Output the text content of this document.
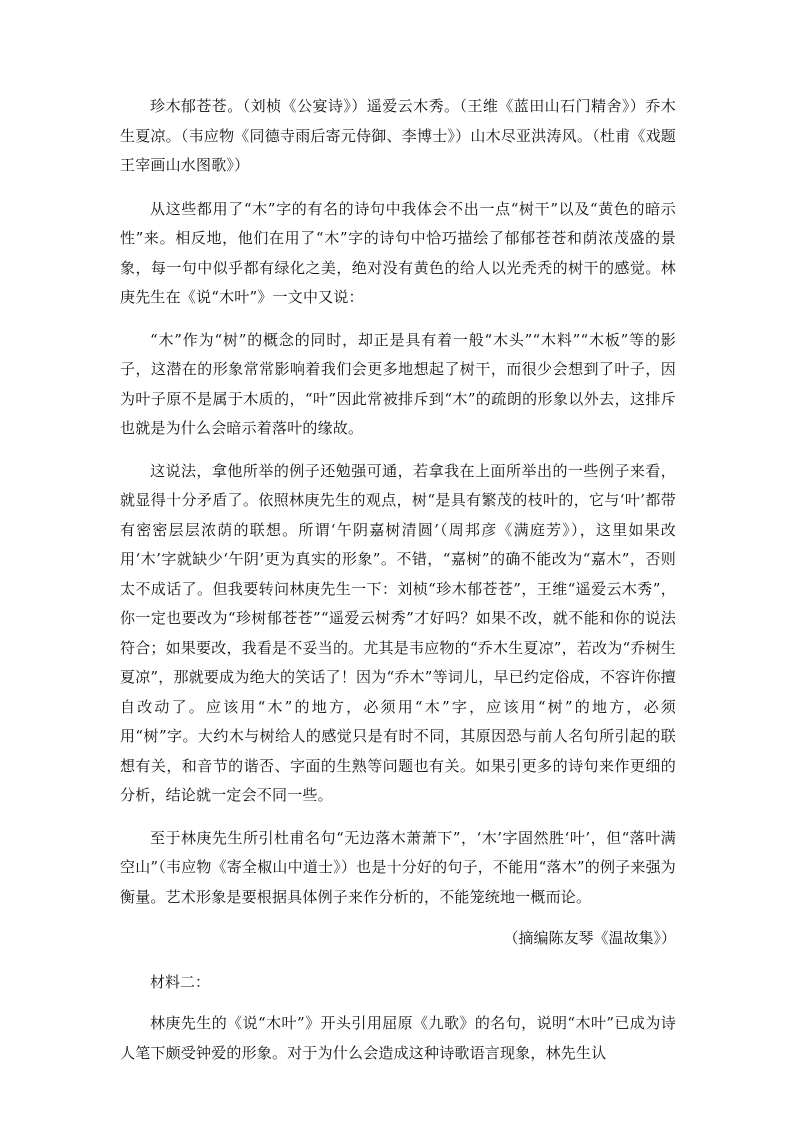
珍木郁苍苍。（刘桢《公宴诗》）遥爱云木秀。（王维《蓝田山石门精舍》）乔木生夏凉。（韦应物《同德寺雨后寄元侍御、李博士》）山木尽亚洪涛风。（杜甫《戏题王宰画山水图歌》）

从这些都用了“木”字的有名的诗句中我体会不出一点“树干”以及“黄色的暗示性”来。相反地，他们在用了“木”字的诗句中恰巧描绘了郁郁苍苍和荫浓茂盛的景象，每一句中似乎都有绿化之美，绝对没有黄色的给人以光秃秃的树干的感觉。林庚先生在《说“木叶”》一文中又说：

“木”作为“树”的概念的同时，却正是具有着一般“木头”“木料”“木板”等的影子，这潜在的形象常常影响着我们会更多地想起了树干，而很少会想到了叶子，因为叶子原不是属于木质的，“叶”因此常被排斥到“木”的疏朗的形象以外去，这排斥也就是为什么会暗示着落叶的缘故。

这说法，拿他所举的例子还勉强可通，若拿我在上面所举出的一些例子来看，就显得十分矛盾了。依照林庚先生的观点，树“是具有繁茂的枝叶的，它与‘叶’都带有密密层层浓荫的联想。所谓‘午阴嘉树清圆’（周邦彦《满庭芳》），这里如果改用‘木’字就缺少‘午阴’更为真实的形象”。不错，“嘉树”的确不能改为“嘉木”，否则太不成话了。但我要转问林庚先生一下：刘桢“珍木郁苍苍”，王维“遥爱云木秀”，你一定也要改为“珍树郁苍苍”“遥爱云树秀”才好吗？如果不改，就不能和你的说法符合；如果要改，我看是不妥当的。尤其是韦应物的“乔木生夏凉”，若改为“乔树生夏凉”，那就要成为绝大的笑话了！因为“乔木”等词儿，早已约定俗成，不容许你擅自改动了。应该用“木”的地方，必须用“木”字，应该用“树”的地方，必须用“树”字。大约木与树给人的感觉只是有时不同，其原因恐与前人名句所引起的联想有关，和音节的谐否、字面的生熟等问题也有关。如果引更多的诗句来作更细的分析，结论就一定会不同一些。

至于林庚先生所引杜甫名句“无边落木萧萧下”，‘木’字固然胜‘叶’，但“落叶满空山”（韦应物《寄全椒山中道士》）也是十分好的句子，不能用“落木”的例子来强为衡量。艺术形象是要根据具体例子来作分析的，不能笼统地一概而论。

（摘编陈友琴《温故集》）

材料二：

林庚先生的《说“木叶”》开头引用屈原《九歌》的名句，说明“木叶”已成为诗人笔下颇受钟爱的形象。对于为什么会造成这种诗歌语言现象，林先生认
